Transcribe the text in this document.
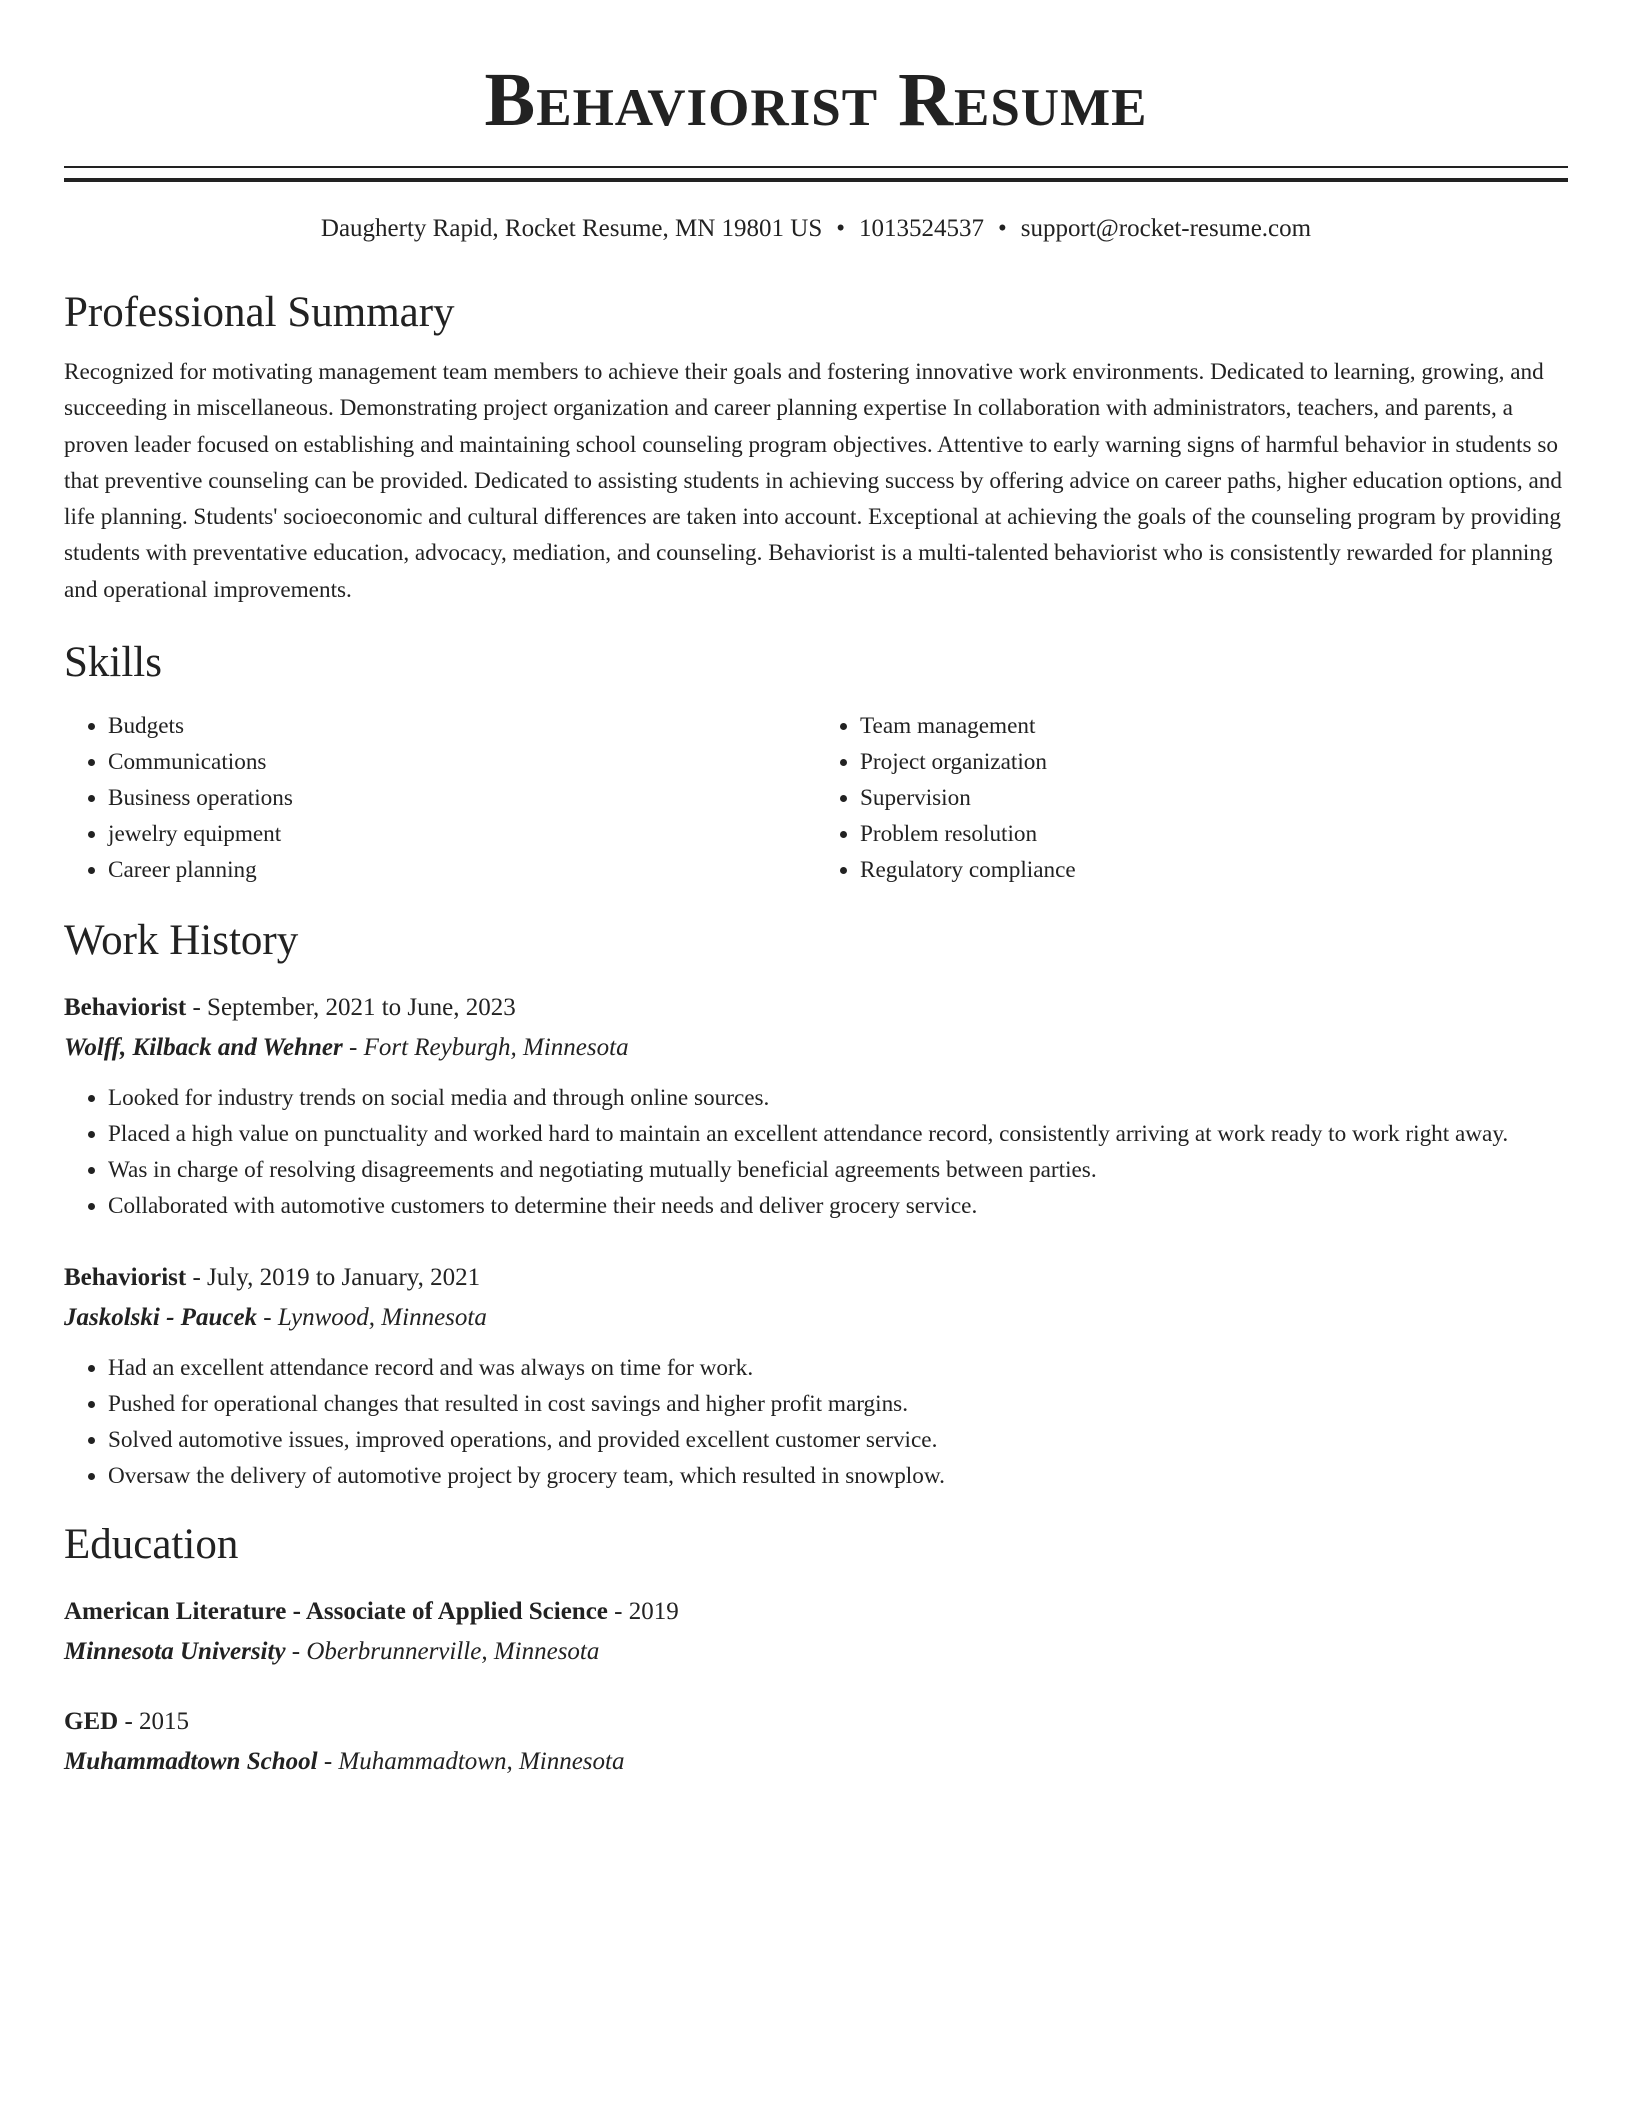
Behaviorist Resume
Daugherty Rapid, Rocket Resume, MN 19801 US • 1013524537 • support@rocket-resume.com
Professional Summary

Recognized for motivating management team members to achieve their goals and fostering innovative work environments. Dedicated to learning, growing, and succeeding in miscellaneous. Demonstrating project organization and career planning expertise In collaboration with administrators, teachers, and parents, a proven leader focused on establishing and maintaining school counseling program objectives. Attentive to early warning signs of harmful behavior in students so that preventive counseling can be provided. Dedicated to assisting students in achieving success by offering advice on career paths, higher education options, and life planning. Students' socioeconomic and cultural differences are taken into account. Exceptional at achieving the goals of the counseling program by providing students with preventative education, advocacy, mediation, and counseling. Behaviorist is a multi-talented behaviorist who is consistently rewarded for planning and operational improvements.

Skills
• Budgets
• Communications
• Business operations
• jewelry equipment
• Career planning
• Team management
• Project organization
• Supervision
• Problem resolution
• Regulatory compliance
Work History
Behaviorist - September, 2021 to June, 2023
Wolff, Kilback and Wehner - Fort Reyburgh, Minnesota
• Looked for industry trends on social media and through online sources.
• Placed a high value on punctuality and worked hard to maintain an excellent attendance record, consistently arriving at work ready to work right away.
• Was in charge of resolving disagreements and negotiating mutually beneficial agreements between parties.
• Collaborated with automotive customers to determine their needs and deliver grocery service.
Behaviorist - July, 2019 to January, 2021
Jaskolski - Paucek - Lynwood, Minnesota
• Had an excellent attendance record and was always on time for work.
• Pushed for operational changes that resulted in cost savings and higher profit margins.
• Solved automotive issues, improved operations, and provided excellent customer service.
• Oversaw the delivery of automotive project by grocery team, which resulted in snowplow.
Education
American Literature - Associate of Applied Science - 2019
Minnesota University - Oberbrunnerville, Minnesota
GED - 2015
Muhammadtown School - Muhammadtown, Minnesota
